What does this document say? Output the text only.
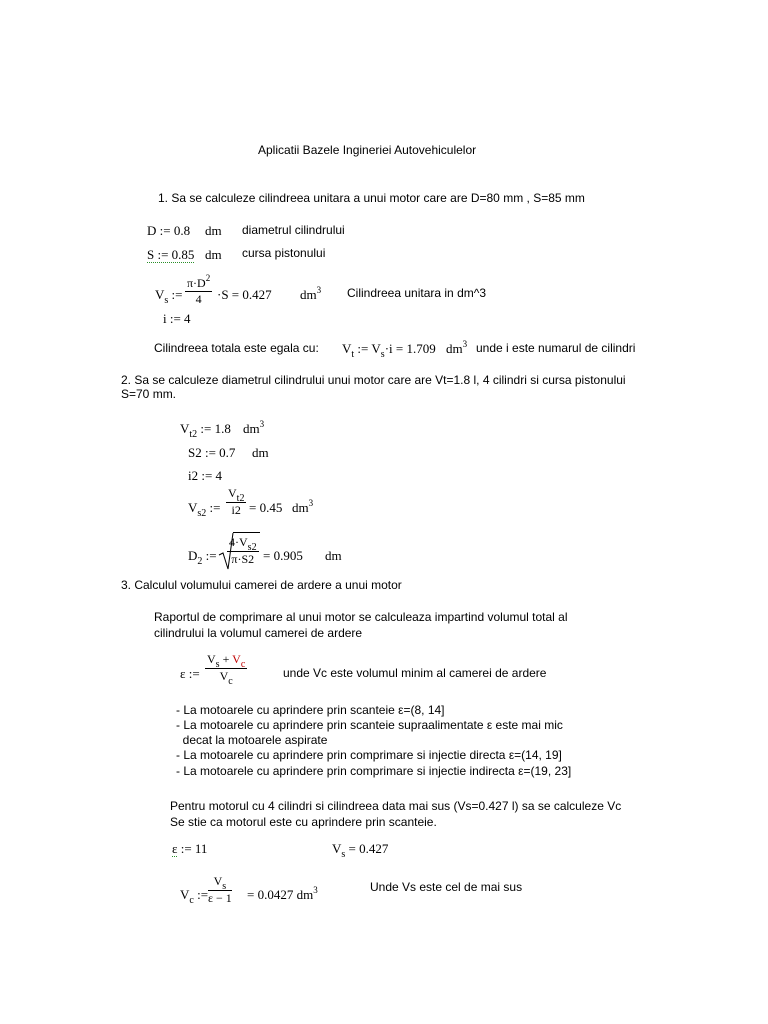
Aplicatii Bazele Ingineriei Autovehiculelor
1. Sa se calculeze cilindreea unitara a unui motor care are D=80 mm , S=85 mm
D := 0.8 dm diametrul cilindrului
S := 0.85 dm cursa pistonului
$V_s$ := $\frac{\pi\cdot D^2}{4} \cdot S = 0.427$ $dm^3$ Cilindreea unitara in dm^3
i := 4
Cilindreea totala este egala cu: $V_t$ := $V_s\cdot i = 1.709$ $dm^3$ unde i este numarul de cilindri
2. Sa se calculeze diametrul cilindrului unui motor care are Vt=1.8 l, 4 cilindri si cursa pistonului
S=70 mm.
$V_{t2}$ := 1.8 $dm^3$
S2 := 0.7 dm
i2 := 4
$V_{s2}$ := $\frac{V_{t2}}{i2} = 0.45$ $dm^3$
$D_2$ := $\frac{4\cdot V_{s2}}{\pi\cdot S2} = 0.905$ dm
3. Calculul volumului camerei de ardere a unui motor
Raportul de comprimare al unui motor se calculeaza impartind volumul total al
cilindrului la volumul camerei de ardere
ε := $\frac{V_s + V_c}{V_c}$	unde Vc este volumul minim al camerei de ardere
- La motoarele cu aprindere prin scanteie ε=(8, 14]
- La motoarele cu aprindere prin scanteie supraalimentate ε este mai mic
decat la motoarele aspirate
- La motoarele cu aprindere prin comprimare si injectie directa ε=(14, 19]
- La motoarele cu aprindere prin comprimare si injectie indirecta ε=(19, 23]
Pentru motorul cu 4 cilindri si cilindreea data mai sus (Vs=0.427 l) sa se calculeze Vc
Se stie ca motorul este cu aprindere prin scanteie.
ε := 11	$V_s = 0.427$
$V_c$ := $\frac{V_s}{\varepsilon - 1} = 0.0427$ $dm^3$	Unde Vs este cel de mai sus
